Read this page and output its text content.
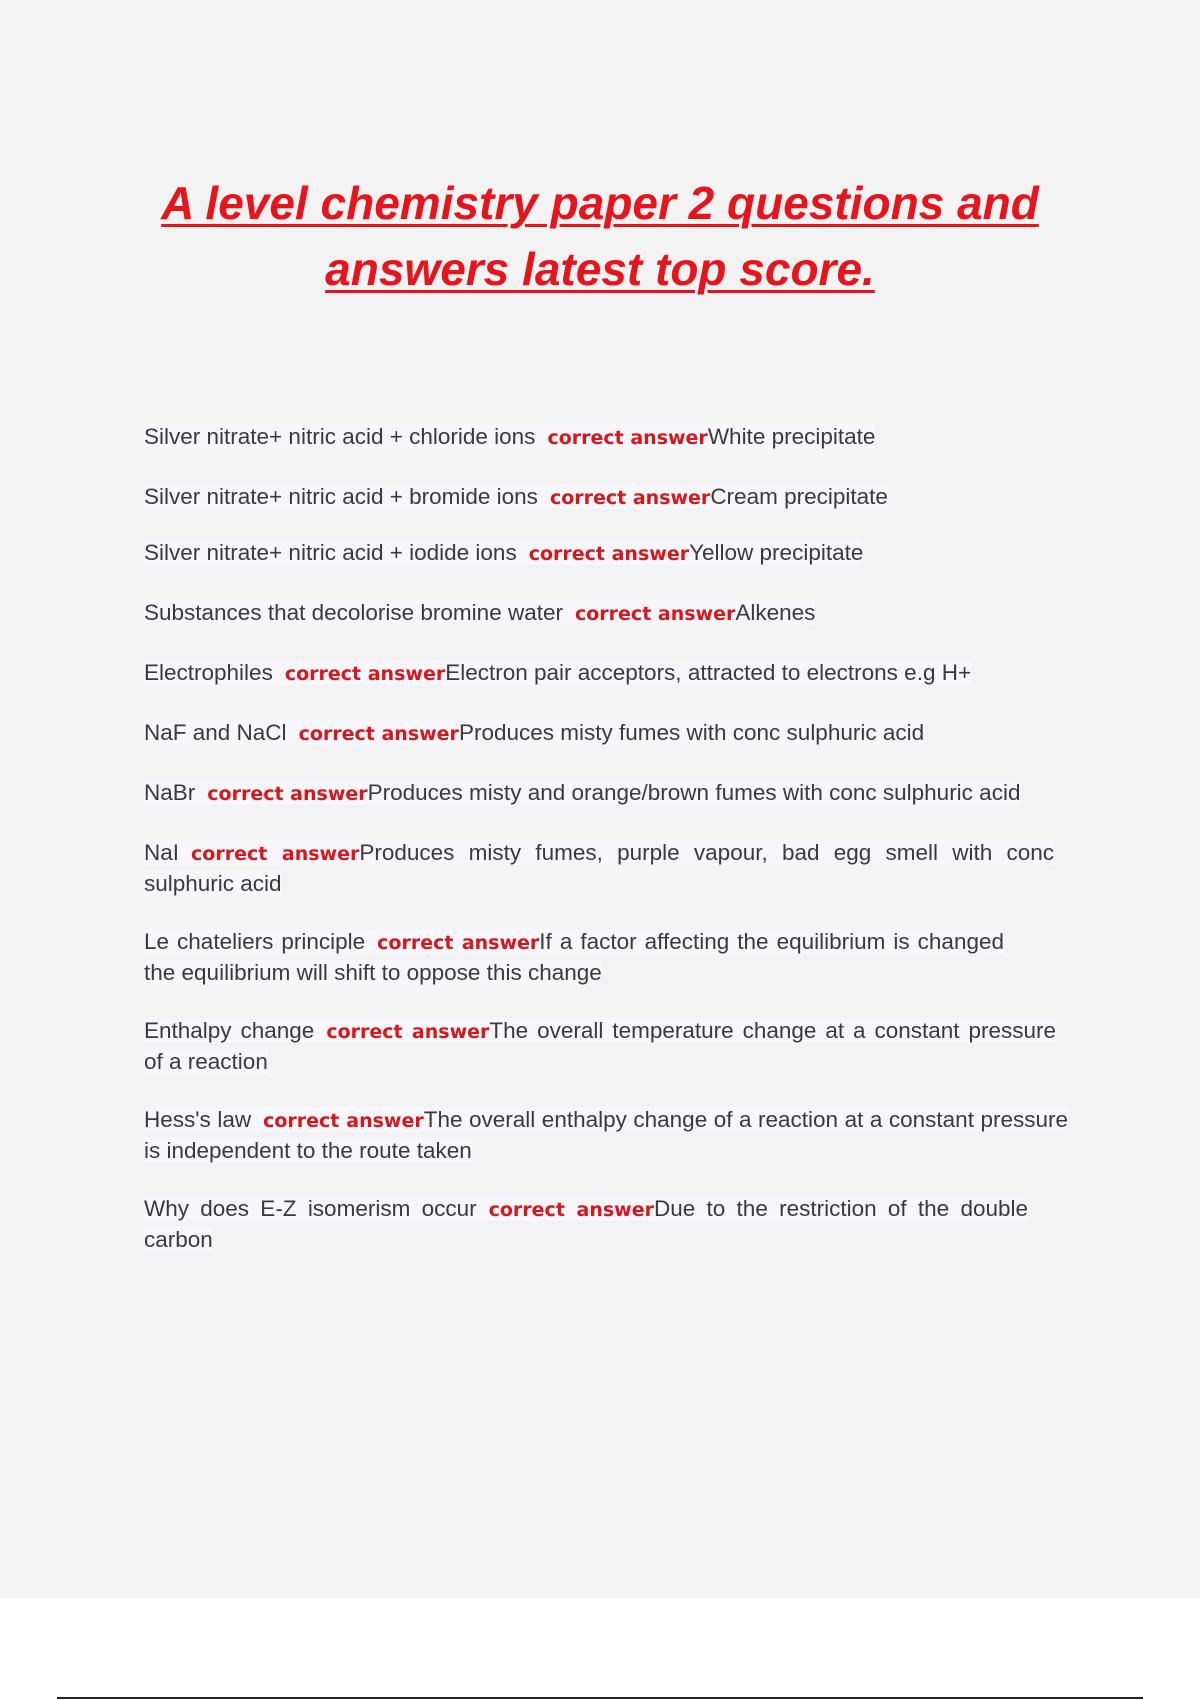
A level chemistry paper 2 questions and answers latest top score.

Silver nitrate+ nitric acid + chloride ions correct answerWhite precipitate

Silver nitrate+ nitric acid + bromide ions correct answerCream precipitate

Silver nitrate+ nitric acid + iodide ions correct answerYellow precipitate

Substances that decolorise bromine water correct answerAlkenes

Electrophiles correct answerElectron pair acceptors, attracted to electrons e.g H+

NaF and NaCl correct answerProduces misty fumes with conc sulphuric acid

NaBr correct answerProduces misty and orange/brown fumes with conc sulphuric acid

NaI correct answerProduces misty fumes, purple vapour, bad egg smell with conc sulphuric acid

Le chateliers principle correct answerIf a factor affecting the equilibrium is changed the equilibrium will shift to oppose this change

Enthalpy change correct answerThe overall temperature change at a constant pressure of a reaction

Hess's law correct answerThe overall enthalpy change of a reaction at a constant pressure is independent to the route taken

Why does E-Z isomerism occur correct answerDue to the restriction of the double carbon
